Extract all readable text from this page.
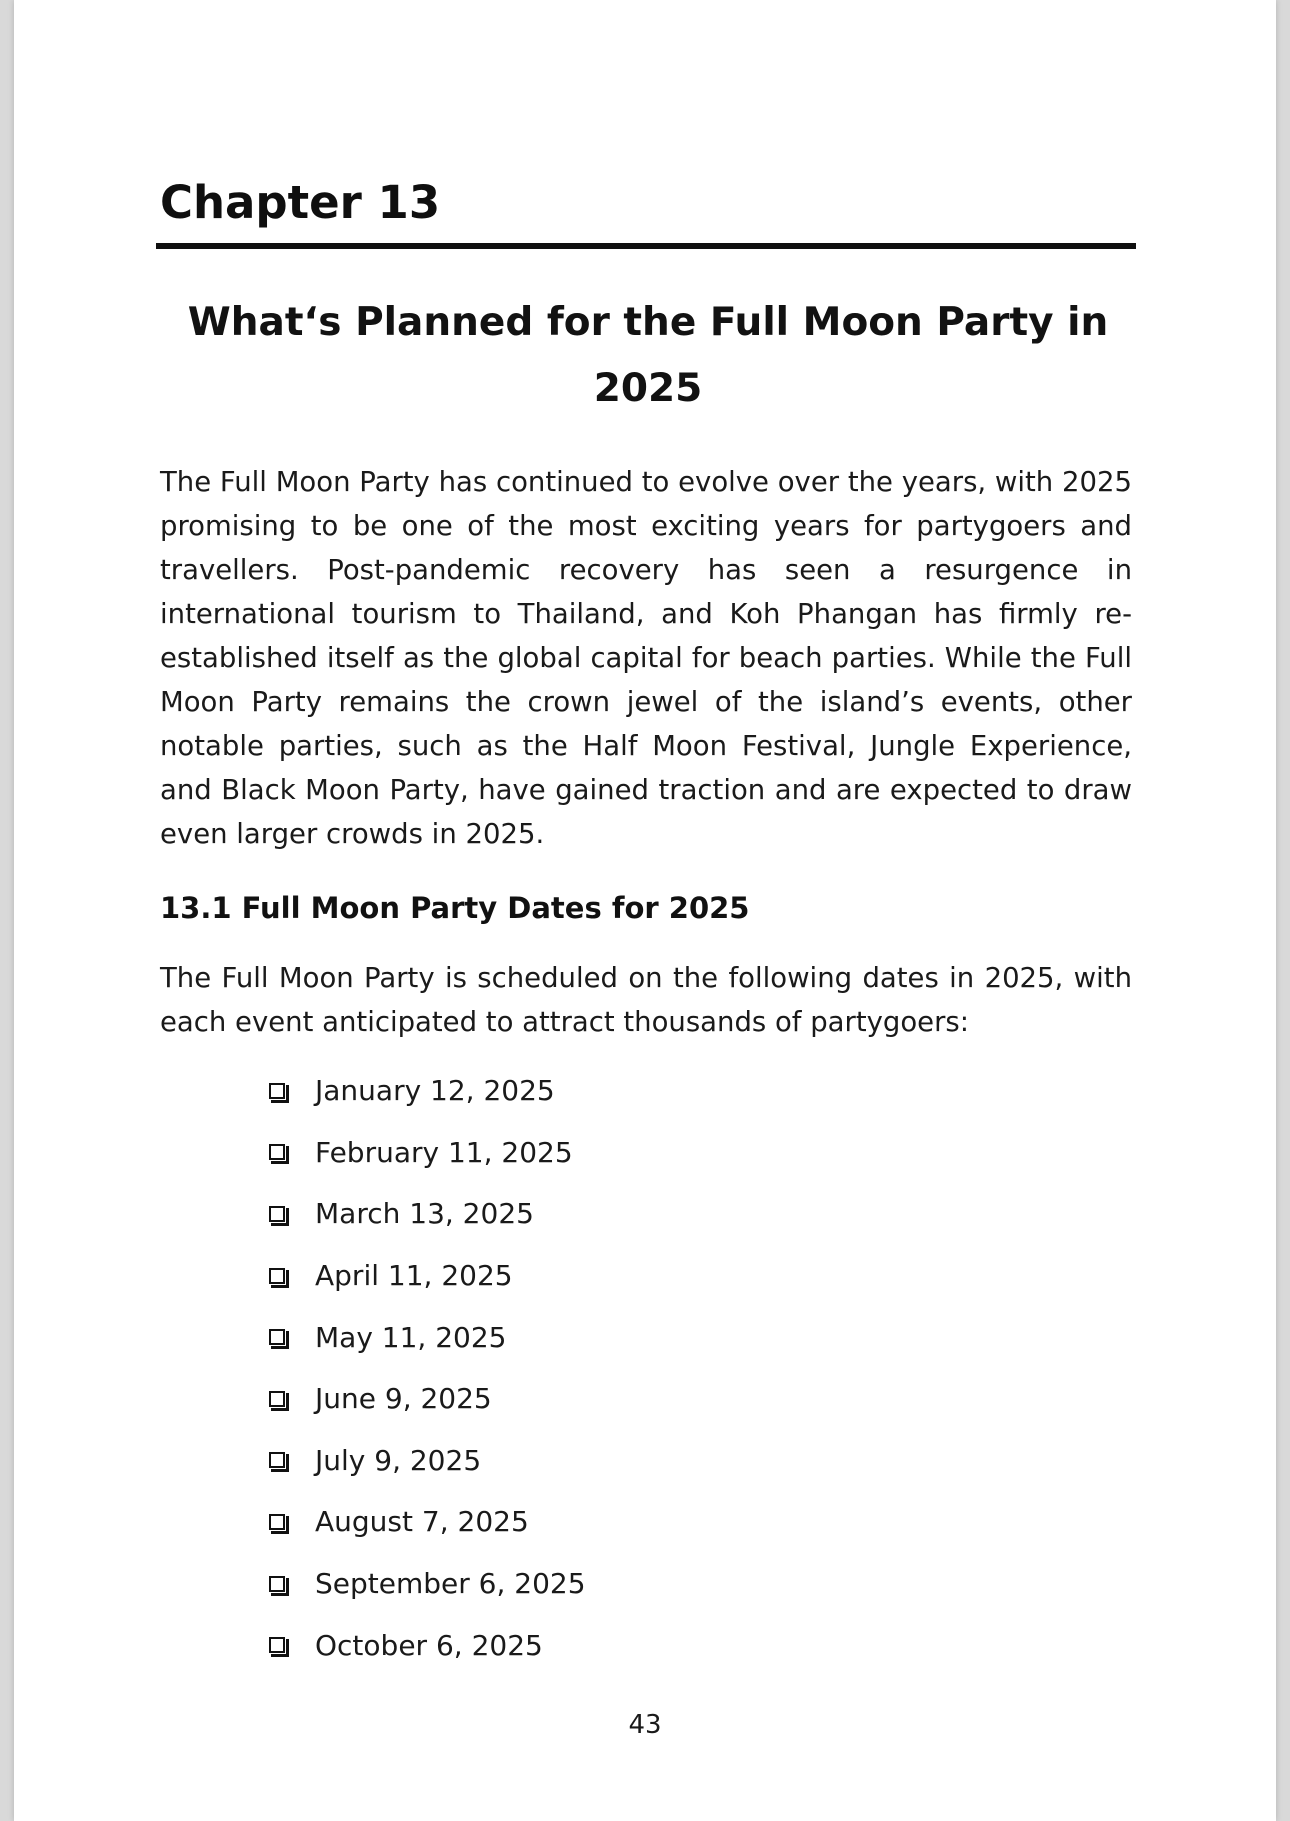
Chapter 13
What‘s Planned for the Full Moon Party in 2025

The Full Moon Party has continued to evolve over the years, with 2025 promising to be one of the most exciting years for partygoers and travellers. Post-pandemic recovery has seen a resurgence in international tourism to Thailand, and Koh Phangan has firmly re-established itself as the global capital for beach parties. While the Full Moon Party remains the crown jewel of the island’s events, other notable parties, such as the Half Moon Festival, Jungle Experience, and Black Moon Party, have gained traction and are expected to draw even larger crowds in 2025.

13.1 Full Moon Party Dates for 2025

The Full Moon Party is scheduled on the following dates in 2025, with each event anticipated to attract thousands of partygoers:

January 12, 2025
February 11, 2025
March 13, 2025
April 11, 2025
May 11, 2025
June 9, 2025
July 9, 2025
August 7, 2025
September 6, 2025
October 6, 2025
43
